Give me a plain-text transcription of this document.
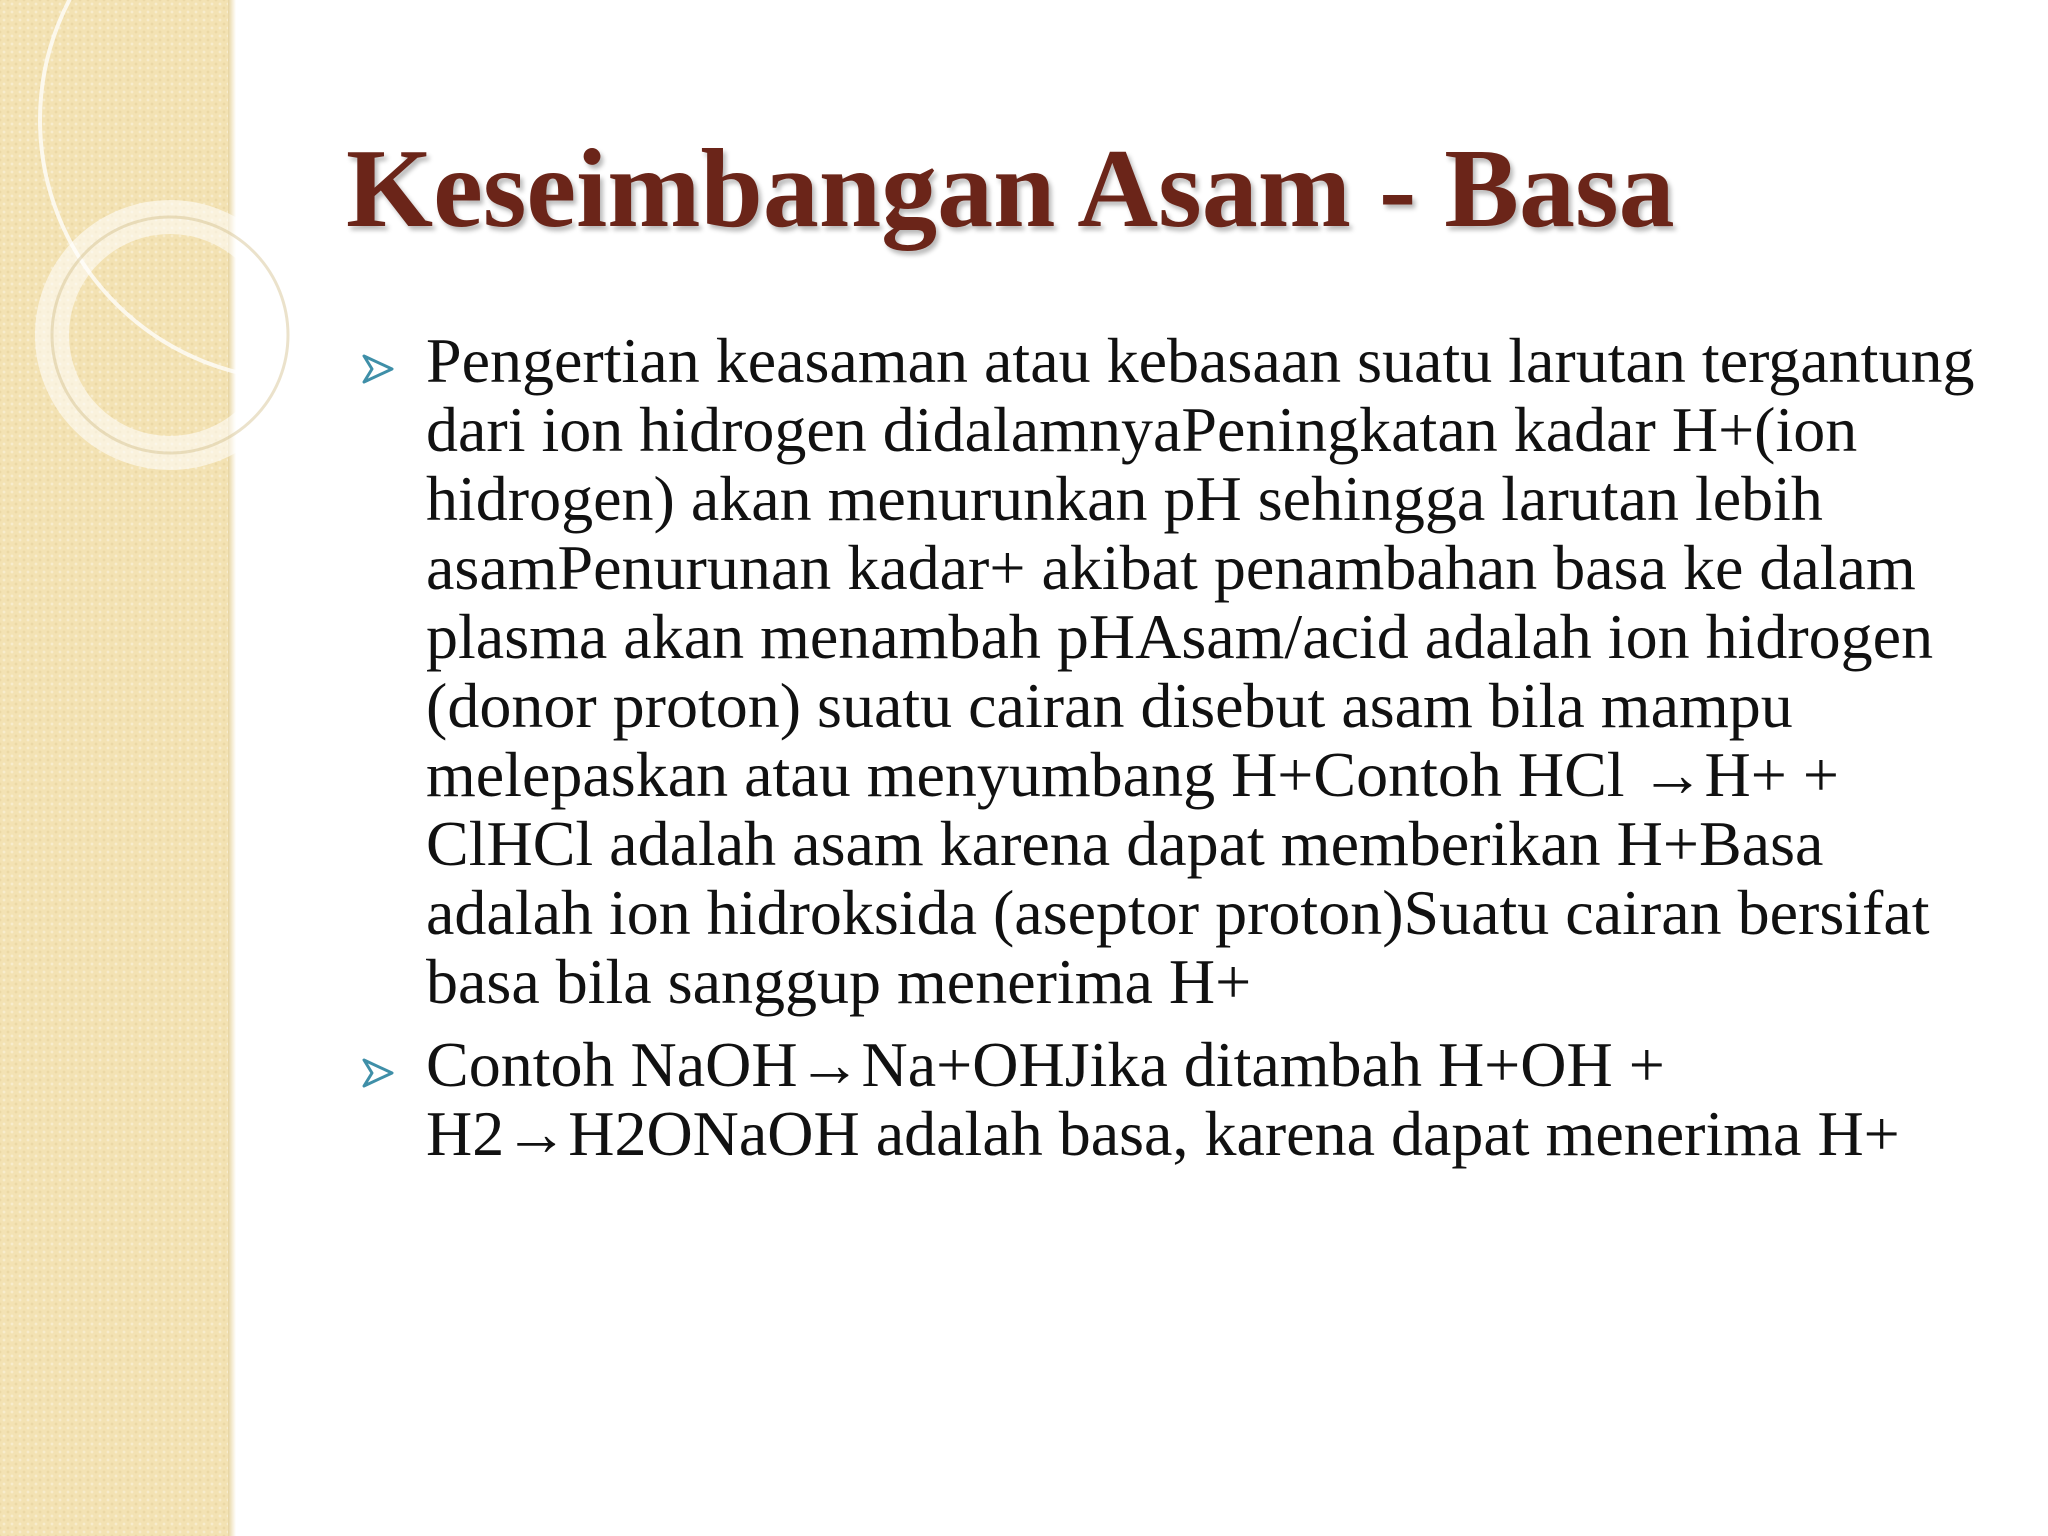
Keseimbangan Asam - Basa
Pengertian keasaman atau kebasaan suatu larutan tergantung dari ion hidrogen didalamnyaPeningkatan kadar H+(ion hidrogen) akan menurunkan pH sehingga larutan lebih asamPenurunan kadar+ akibat penambahan basa ke dalam plasma akan menambah pHAsam/acid adalah ion hidrogen (donor proton) suatu cairan disebut asam bila mampu melepaskan atau menyumbang H+Contoh HCl →H+ + ClHCl adalah asam karena dapat memberikan H+Basa adalah ion hidroksida (aseptor proton)Suatu cairan bersifat basa bila sanggup menerima H+
Contoh NaOH→Na+OHJika ditambah H+OH + H2→H2ONaOH adalah basa, karena dapat menerima H+
